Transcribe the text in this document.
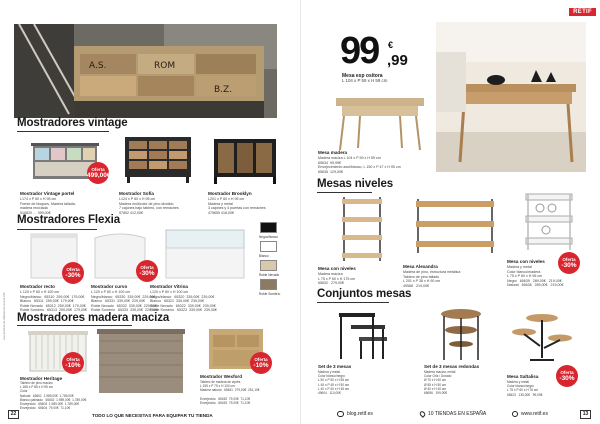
A.S.	ROM
B.Z.
Mostradores vintage
Oferta
499,00€
Mostrador Vintage portel
L174 x P 60 x H 95 cm
Frente de bloques, Madera tallada,
madera reciclada
510820 … 399,00€
Mostrador Sofía
L124 x P 60 x H 95 cm
Madera multicolor de pino dividido
7 cajones bajo tablero, con remaches
97852 412,00€
Mostrador Brooklyn
L201 x P 60 x H 95 cm
Madera y metal
3 cajones y 4 puertas con remaches
475655 418,00€
Mostradores Flexia
Oferta
-30%
Mostrador recto
L 120 x P 60 x H 100 cm
Negro/blanco   65310  259,00€  179,00€
Blanco   65311  259,00€  179,00€
Roble Nevado   65312  259,00€  179,00€
Roble Sombrío   65313  259,00€  179,00€
Oferta
-30%
Mostrador curvo
L 120 x P 60 x H 100 cm
Negro/blanco   65330  339,00€  229,00€
Blanco   65331  339,00€  229,00€
Roble Nevado   65332  339,00€  229,00€
Roble Sombrío   65333  339,00€  229,00€
Mostrador Vitrina
L120 x P 60 x H 100 cm
Negro/blanco   65320  339,00€  239,00€
Blanco   65321  339,00€  239,00€
Roble Nevado   65322  339,00€  239,00€
Roble Sombrío   65323  339,00€  239,00€
Negro/blanco
Blanco
Roble Nevado
Roble Sombrío
Mostradores madera maciza
Oferta
-10%
Mostrador Heritage
Tablero de pino macizo
L 186 x P 85 x H 95 cm
Color
Natural   65601  1.989,00€  1.789,00€
Blanco patinado   65602  1.989,00€  1.789,00€
Envejecido   65603  1.989,00€  1.789,00€
Envejecido   65604  79,00€  71,10€
Oferta
-10%
Mostrador Wexford
Tablero de madera de ciprés
L 155 x P 75 x H 100 cm
Madera natural   65451  279,00€  251,10€

Envejecido   65452  79,00€  71,10€
Envejecido   65453  79,00€  71,10€
Los precios se indican en euros IVA
22	TODO LO QUE NECESITAS PARA EQUIPAR TU TIENDA
RETIF
99 €
,99
Mesa esp ositora
L 104 x P 59 x H 59 cm
Mesa madera
Madera maciza L 104 x P 59 x H 59 cm
65634  99,99€
Envejecimiento azul/blanco, L 150 x P 47 x H 95 cm
65635  129,00€
Mesas niveles
Mesa con niveles
Madera maciza
L 75 x P 60 x H 175 cm
65632   279,00€
Mesa Alexandra
Madera de pino, estructura metálica
Tablero de pino tallado
L 201 x P 38 x H 90 cm
49568   219,00€
Oferta
-30%
Mesa con niveles
Madera y metal
Color blanco/madera
L 75 x P 60 x H 95 cm
Negro   65639   289,00€   219,00€
Natural   65638   289,00€   219,00€
Conjuntos mesas
Set de 3 mesas
Madera y metal
Color blanco/negro
L 50 x P 50 x H 55 cm
L 45 x P 45 x H 50 cm
L 40 x P 40 x H 45 cm
49604   110,00€
Set de 3 mesas redondas
Madera maciza, metal
Color Gris / Dorado
Ø 70 x H 60 cm
Ø 55 x H 50 cm
Ø 40 x H 40 cm
65696   199,00€
Oferta
-30%
Mesa Saltalisa
Madera y metal
Color blanco/negro
L 75 x P 60 x H 76 cm
65623   135,00€   99,00€
blog.retif.es	10 TIENDAS EN ESPAÑA	www.retif.es	13
